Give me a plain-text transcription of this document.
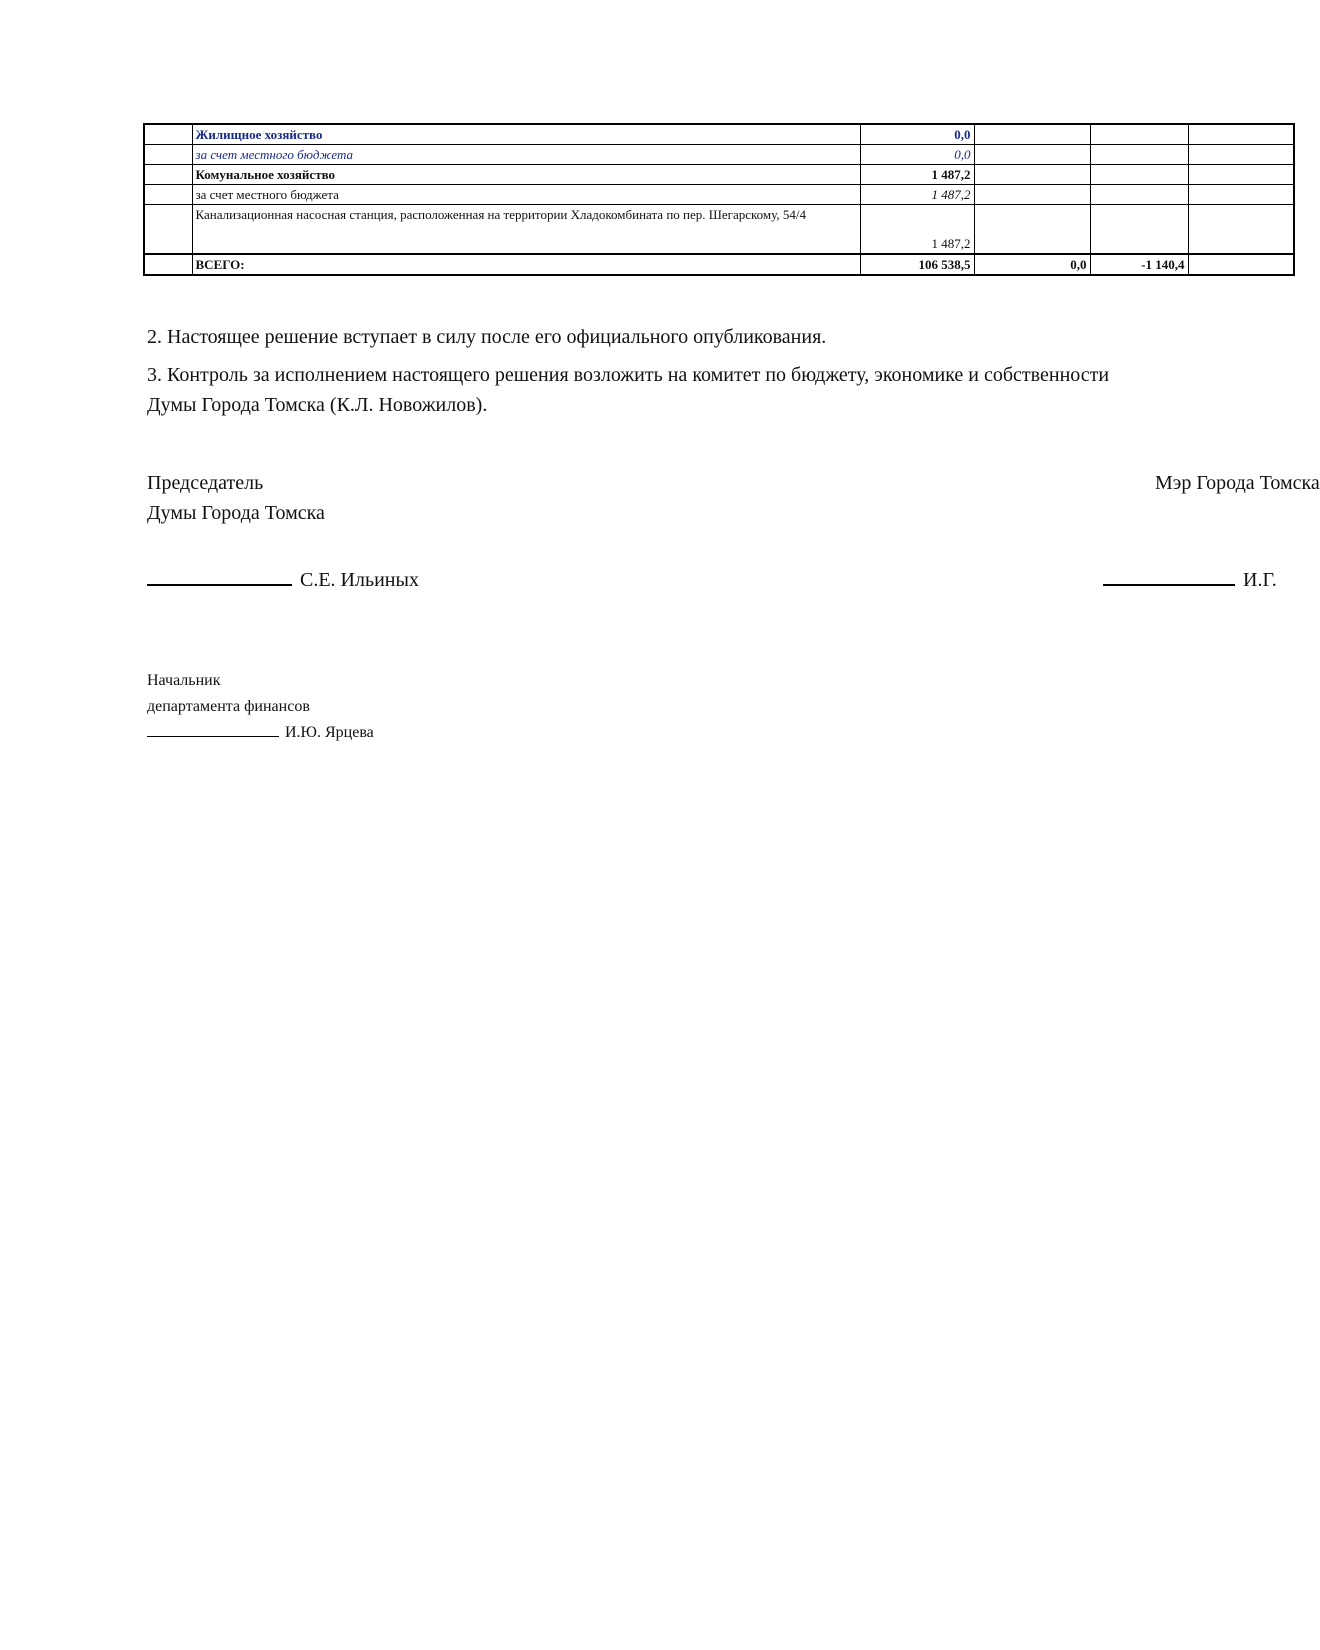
	Жилищное хозяйство	0,0			
	за счет местного бюджета	0,0			
	Комунальное хозяйство	1 487,2			
	за счет местного бюджета	1 487,2			
	Канализационная насосная станция, расположенная на территории Хладокомбината по пер. Шегарскому, 54/4	1 487,2			
	ВСЕГО:	106 538,5	0,0	-1 140,4	
2. Настоящее решение вступает в силу после его официального опубликования.
3. Контроль за исполнением настоящего решения возложить на комитет по бюджету, экономике и собственности
Думы Города Томска (К.Л. Новожилов).
Председатель
Думы Города Томска
Мэр Города Томска
С.Е. Ильиных	И.Г.
Начальник
департамента финансов
И.Ю. Ярцева
